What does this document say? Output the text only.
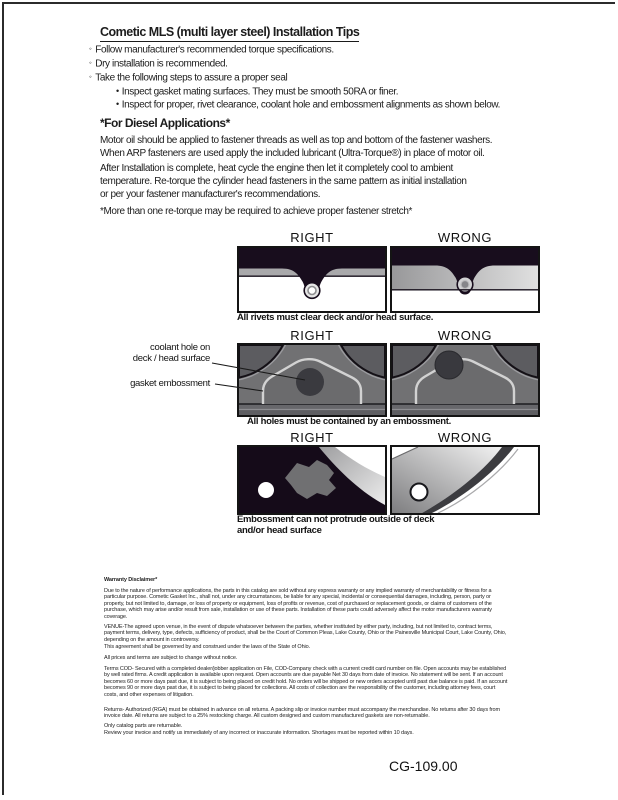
Cometic MLS (multi layer steel) Installation Tips
◦ Follow manufacturer's recommended torque specifications.
◦ Dry installation is recommended.
◦ Take the following steps to assure a proper seal
• Inspect gasket mating surfaces. They must be smooth 50RA or finer.
• Inspect for proper, rivet clearance, coolant hole and embossment alignments as shown below.
*For Diesel Applications*
Motor oil should be applied to fastener threads as well as top and bottom of the fastener washers.
When ARP fasteners are used apply the included lubricant (Ultra-Torque®) in place of motor oil.
After Installation is complete, heat cycle the engine then let it completely cool to ambient
temperature. Re-torque the cylinder head fasteners in the same pattern as initial installation
or per your fastener manufacturer's recommendations.
*More than one re-torque may be required to achieve proper fastener stretch*
RIGHT	WRONG
All rivets must clear deck and/or head surface.
RIGHT	WRONG
coolant hole on
deck / head surface
gasket embossment
All holes must be contained by an embossment.
RIGHT	WRONG
Embossment can not protrude outside of deck
and/or head surface
Warranty Disclaimer*
Due to the nature of performance applications, the parts in this catalog are sold without any express warranty or any implied warranty of merchantability or fitness for a particular purpose. Cometic Gasket Inc., shall not, under any circumstances, be liable for any special, incidental or consequential damages, including, person, party or property, but not limited to, damage, or loss of property or equipment, loss of profits or revenue, cost of purchased or replacement goods, or claims of customers of the purchase, which may arise and/or result from sale, installation or use of these parts. Installation of these parts could adversely affect the motor manufacturers warranty coverage.
VENUE-The agreed upon venue, in the event of dispute whatsoever between the parties, whether instituted by either party, including, but not limited to, contract terms, payment terms, delivery, type, defects, sufficiency of product, shall be the Court of Common Pleas, Lake County, Ohio or the Painesville Municipal Court, Lake County, Ohio, depending on the amount in controversy.
This agreement shall be governed by and construed under the laws of the State of Ohio.
All prices and terms are subject to change without notice.
Terms COD- Secured with a completed dealer/jobber application on File, COD-Company check with a current credit card number on file. Open accounts may be established by well rated firms. A credit application is available upon request. Open accounts are due payable Net 30 days from date of invoice. No statement will be sent. If an account becomes 60 or more days past due, it is subject to being placed on credit hold. No orders will be shipped or new orders accepted until past due balance is paid. If an account becomes 90 or more days past due, it is subject to being placed for collections. All costs of collection are the responsibility of the customer, including attorney fees, court costs, and other expenses of litigation.
Returns- Authorized (RGA) must be obtained in advance on all returns. A packing slip or invoice number must accompany the merchandise. No returns after 30 days from invoice date. All returns are subject to a 25% restocking charge. All custom designed and custom manufactured gaskets are non-returnable.
Only catalog parts are returnable.
Review your invoice and notify us immediately of any incorrect or inaccurate information. Shortages must be reported within 10 days.
CG-109.00
